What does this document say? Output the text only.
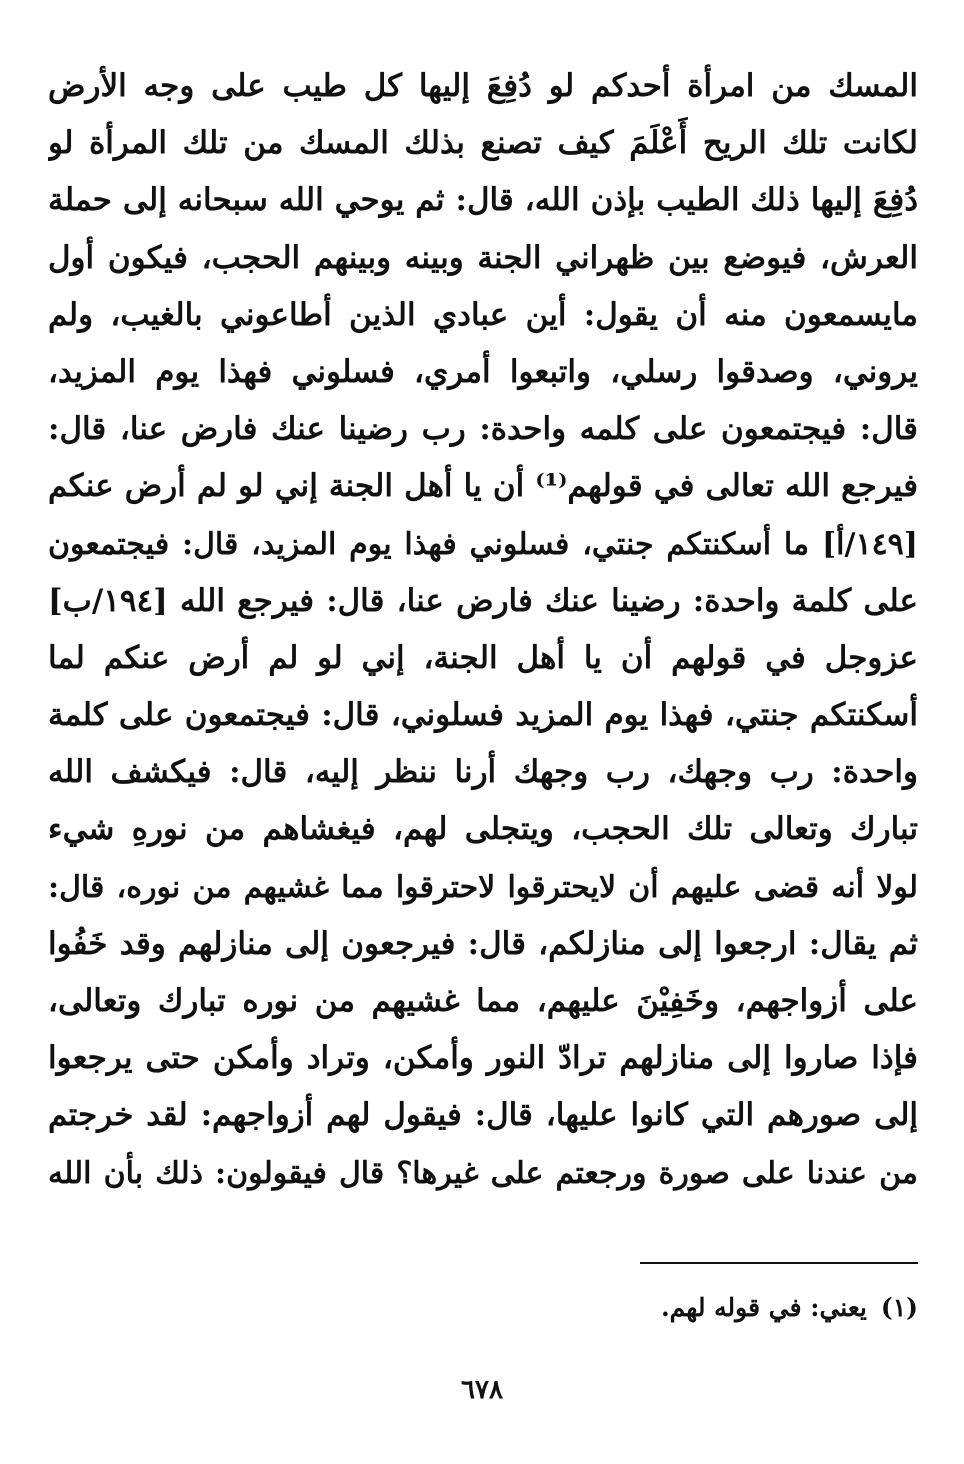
المسك من امرأة أحدكم لو دُفِعَ إليها كل طيب على وجه الأرض
لكانت تلك الريح أَعْلَمَ كيف تصنع بذلك المسك من تلك المرأة لو
دُفِعَ إليها ذلك الطيب بإذن الله، قال: ثم يوحي الله سبحانه إلى حملة
العرش، فيوضع بين ظهراني الجنة وبينه وبينهم الحجب، فيكون أول
مايسمعون منه أن يقول: أين عبادي الذين أطاعوني بالغيب، ولم
يروني، وصدقوا رسلي، واتبعوا أمري، فسلوني فهذا يوم المزيد،
قال: فيجتمعون على كلمه واحدة: رب رضينا عنك فارض عنا، قال:
فيرجع الله تعالى في قولهم⁽¹⁾ أن يا أهل الجنة إني لو لم أرض عنكم
[١٤٩/أ] ما أسكنتكم جنتي، فسلوني فهذا يوم المزيد، قال: فيجتمعون
على كلمة واحدة: رضينا عنك فارض عنا، قال: فيرجع الله [١٩٤/ب]
عزوجل في قولهم أن يا أهل الجنة، إني لو لم أرض عنكم لما
أسكنتكم جنتي، فهذا يوم المزيد فسلوني، قال: فيجتمعون على كلمة
واحدة: رب وجهك، رب وجهك أرنا ننظر إليه، قال: فيكشف الله
تبارك وتعالى تلك الحجب، ويتجلى لهم، فيغشاهم من نورهِ شيء
لولا أنه قضى عليهم أن لايحترقوا لاحترقوا مما غشيهم من نوره، قال:
ثم يقال: ارجعوا إلى منازلكم، قال: فيرجعون إلى منازلهم وقد خَفُوا
على أزواجهم، وخَفِيْنَ عليهم، مما غشيهم من نوره تبارك وتعالى،
فإذا صاروا إلى منازلهم ترادّ النور وأمكن، وتراد وأمكن حتى يرجعوا
إلى صورهم التي كانوا عليها، قال: فيقول لهم أزواجهم: لقد خرجتم
من عندنا على صورة ورجعتم على غيرها؟ قال فيقولون: ذلك بأن الله
(١)يعني: في قوله لهم.
٦٧٨
